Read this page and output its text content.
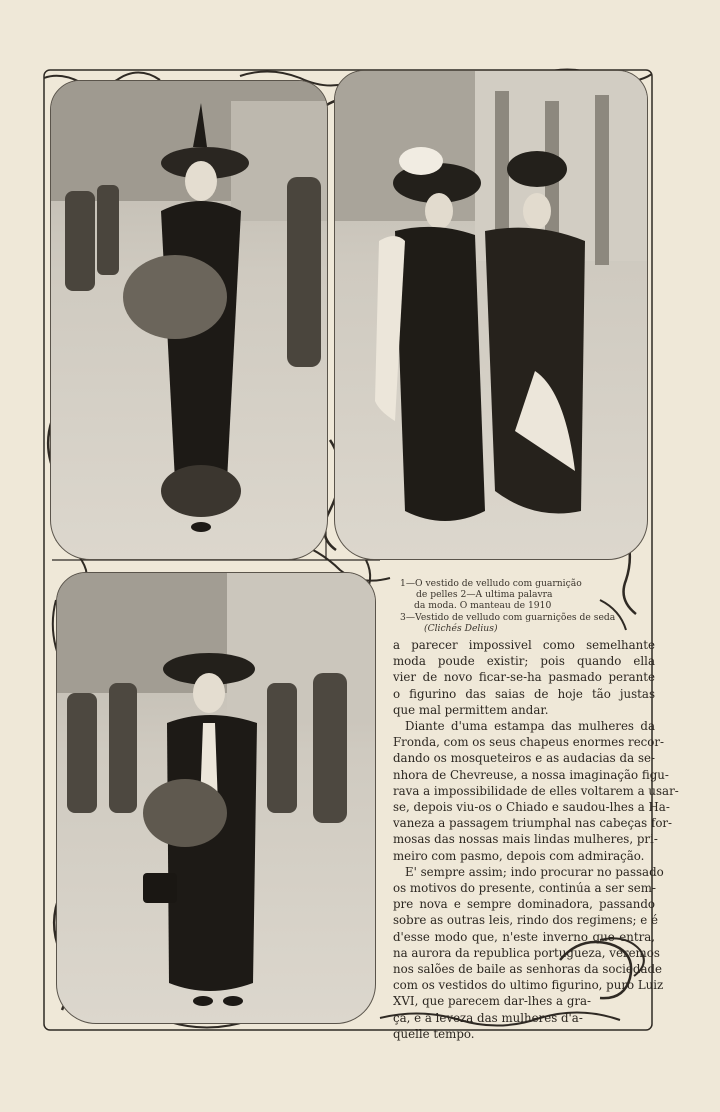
1—O vestido de velludo com guarnição
de pelles 2—A ultima palavra
da moda. O manteau de 1910
3—Vestido de velludo com guarnições de seda
(Clichés Delius)
a parecer impossivel como semelhante
moda poude existir; pois quando ella
vier de novo ficar-se-ha pasmado perante
o figurino das saias de hoje tão justas
que mal permittem andar.
Diante d'uma estampa das mulheres da
Fronda, com os seus chapeus enormes recor-
dando os mosqueteiros e as audacias da se-
nhora de Chevreuse, a nossa imaginação figu-
rava a impossibilidade de elles voltarem a usar-
se, depois viu-os o Chiado e saudou-lhes a Ha-
vaneza a passagem triumphal nas cabeças for-
mosas das nossas mais lindas mulheres, pri-
meiro com pasmo, depois com admiração.
E' sempre assim; indo procurar no passado
os motivos do presente, continúa a ser sem-
pre nova e sempre dominadora, passando
sobre as outras leis, rindo dos regimens; e é
d'esse modo que, n'este inverno que entra,
na aurora da republica portugueza, veremos
nos salões de baile as senhoras da sociedade
com os vestidos do ultimo figurino, puro Luiz
XVI, que parecem dar-lhes a gra-
ça, e a leveza das mulheres d'a-
quelle tempo.
